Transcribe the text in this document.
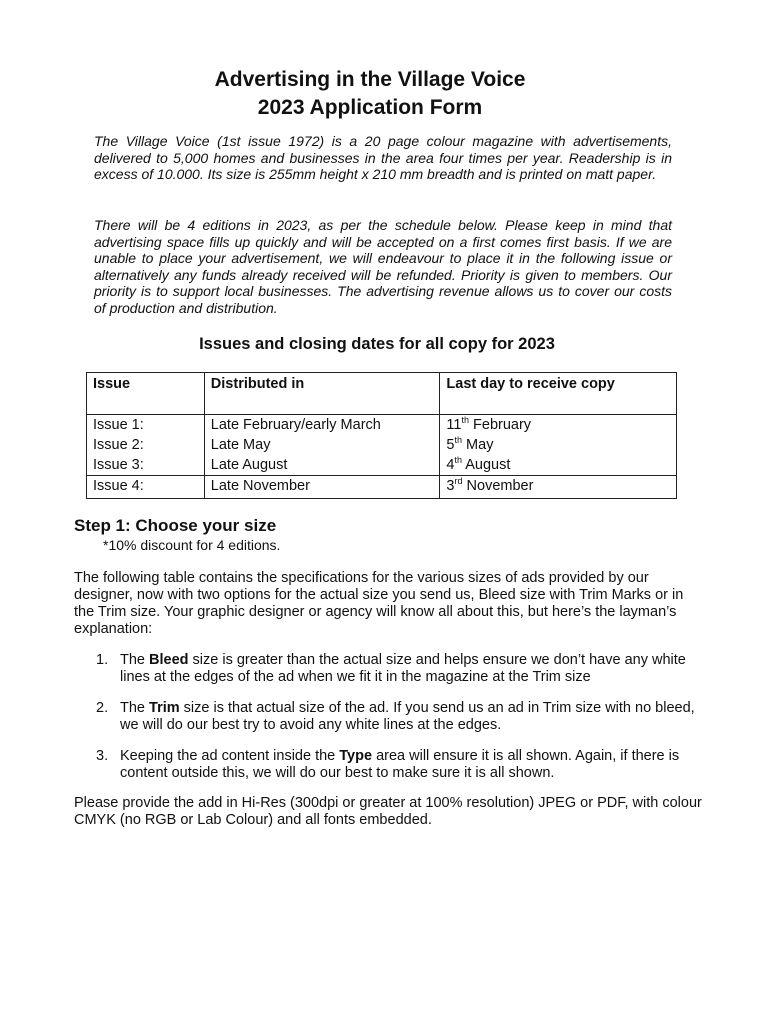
Advertising in the Village Voice
2023 Application Form

The Village Voice (1st issue 1972) is a 20 page colour magazine with advertisements, delivered to 5,000 homes and businesses in the area four times per year. Readership is in excess of 10.000. Its size is 255mm height x 210 mm breadth and is printed on matt paper.

There will be 4 editions in 2023, as per the schedule below. Please keep in mind that advertising space fills up quickly and will be accepted on a first comes first basis. If we are unable to place your advertisement, we will endeavour to place it in the following issue or alternatively any funds already received will be refunded. Priority is given to members. Our priority is to support local businesses. The advertising revenue allows us to cover our costs of production and distribution.

Issues and closing dates for all copy for 2023
Issue	Distributed in	Last day to receive copy
Issue 1:	Late February/early March	11th February
Issue 2:	Late May	5th May
Issue 3:	Late August	4th August
Issue 4:	Late November	3rd November
Step 1: Choose your size
*10% discount for 4 editions.

The following table contains the specifications for the various sizes of ads provided by our designer, now with two options for the actual size you send us, Bleed size with Trim Marks or in the Trim size. Your graphic designer or agency will know all about this, but here’s the layman’s explanation:

1. The Bleed size is greater than the actual size and helps ensure we don’t have any white lines at the edges of the ad when we fit it in the magazine at the Trim size
2. The Trim size is that actual size of the ad. If you send us an ad in Trim size with no bleed, we will do our best try to avoid any white lines at the edges.
3. Keeping the ad content inside the Type area will ensure it is all shown. Again, if there is content outside this, we will do our best to make sure it is all shown.

Please provide the add in Hi-Res (300dpi or greater at 100% resolution) JPEG or PDF, with colour CMYK (no RGB or Lab Colour) and all fonts embedded.
